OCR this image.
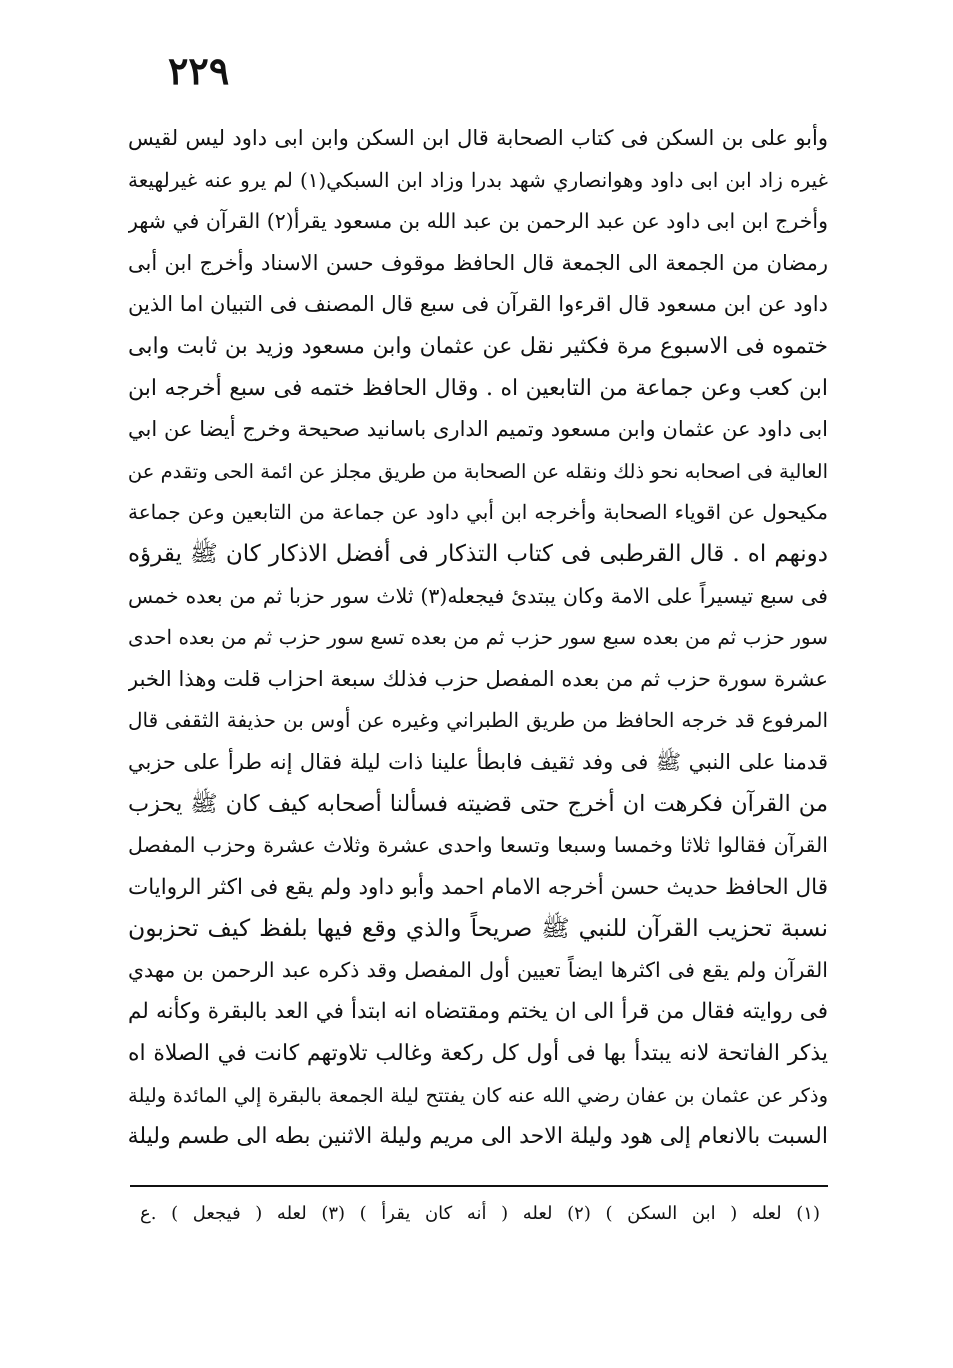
٢٢٩
وأبو على بن السكن فى كتاب الصحابة قال ابن السكن وابن ابى داود ليس لقيس
غيره زاد ابن ابى داود وهوانصاري شهد بدرا وزاد ابن السبكي(١) لم يرو عنه غيرلهيعة
وأخرج ابن ابى داود عن عبد الرحمن بن عبد الله بن مسعود يقرأ(٢) القرآن في شهر
رمضان من الجمعة الى الجمعة قال الحافظ موقوف حسن الاسناد وأخرج ابن أبى
داود عن ابن مسعود قال اقرءوا القرآن فى سبع قال المصنف فى التبيان اما الذين
ختموه فى الاسبوع مرة فكثير نقل عن عثمان وابن مسعود وزيد بن ثابت وابى
ابن كعب وعن جماعة من التابعين اه . وقال الحافظ ختمه فى سبع أخرجه ابن
ابى داود عن عثمان وابن مسعود وتميم الدارى باسانيد صحيحة وخرج أيضا عن ابي
العالية فى اصحابه نحو ذلك ونقله عن الصحابة من طريق مجلز عن ائمة الحى وتقدم عن
مكيحول عن اقوياء الصحابة وأخرجه ابن أبي داود عن جماعة من التابعين وعن جماعة
دونهم اه . قال القرطبى فى كتاب التذكار فى أفضل الاذكار كان ﷺ يقرؤه
فى سبع تيسيراً على الامة وكان يبتدئ فيجعله(٣) ثلاث سور حزبا ثم من بعده خمس
سور حزب ثم من بعده سبع سور حزب ثم من بعده تسع سور حزب ثم من بعده احدى
عشرة سورة حزب ثم من بعده المفصل حزب فذلك سبعة احزاب قلت وهذا الخبر
المرفوع قد خرجه الحافظ من طريق الطبراني وغيره عن أوس بن حذيفة الثقفى قال
قدمنا على النبي ﷺ فى وفد ثقيف فابطأ علينا ذات ليلة فقال إنه طرأ على حزبي
من القرآن فكرهت ان أخرج حتى قضيته فسألنا أصحابه كيف كان ﷺ يحزب
القرآن فقالوا ثلاثا وخمسا وسبعا وتسعا واحدى عشرة وثلاث عشرة وحزب المفصل
قال الحافظ حديث حسن أخرجه الامام احمد وأبو داود ولم يقع فى اكثر الروايات
نسبة تحزيب القرآن للنبي ﷺ صريحاً والذي وقع فيها بلفظ كيف تحزبون
القرآن ولم يقع فى اكثرها ايضاً تعيين أول المفصل وقد ذكره عبد الرحمن بن مهدي
فى روايته فقال من قرأ الى ان يختم ومقتضاه انه ابتدأ في العد بالبقرة وكأنه لم
يذكر الفاتحة لانه يبتدأ بها فى أول كل ركعة وغالب تلاوتهم كانت في الصلاة اه
وذكر عن عثمان بن عفان رضي الله عنه كان يفتتح ليلة الجمعة بالبقرة إلي المائدة وليلة
السبت بالانعام إلى هود وليلة الاحد الى مريم وليلة الاثنين بطه الى طسم وليلة
(١) لعله ( ابن السكن ) (٢) لعله ( أنه كان يقرأ ) (٣) لعله ( فيجعل ) .ع
